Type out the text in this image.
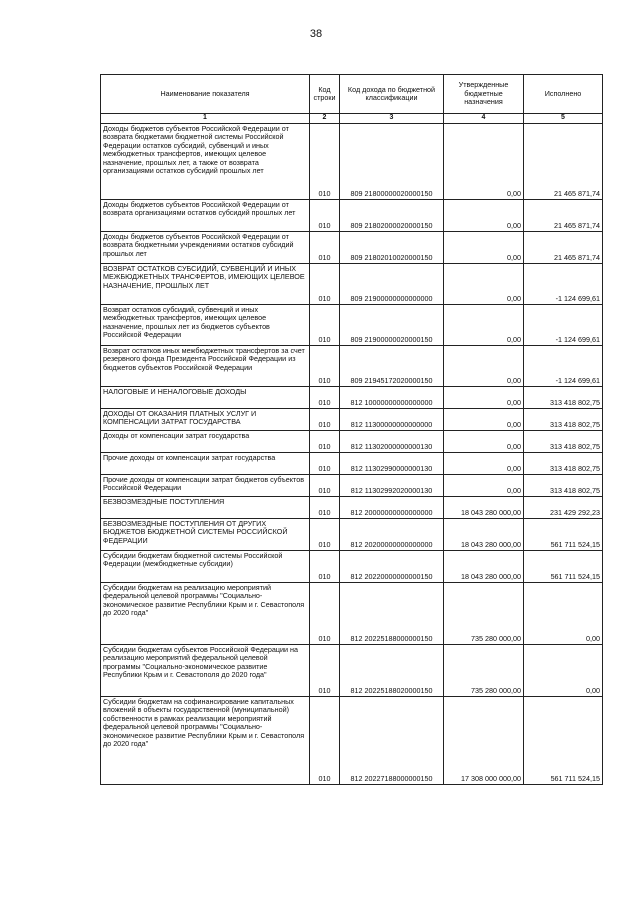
38
Наименование показателя	Код строки	Код дохода по бюджетной классификации	Утвержденные бюджетные назначения	Исполнено
1	2	3	4	5
Доходы бюджетов субъектов Российской Федерации от возврата бюджетами бюджетной системы Российской Федерации остатков субсидий, субвенций и иных межбюджетных трансфертов, имеющих целевое назначение, прошлых лет, а также от возврата организациями остатков субсидий прошлых лет	010	809 21800000020000150	0,00	21 465 871,74
Доходы бюджетов субъектов Российской Федерации от возврата организациями остатков субсидий прошлых лет	010	809 21802000020000150	0,00	21 465 871,74
Доходы бюджетов субъектов Российской Федерации от возврата бюджетными учреждениями остатков субсидий прошлых лет	010	809 21802010020000150	0,00	21 465 871,74
ВОЗВРАТ ОСТАТКОВ СУБСИДИЙ, СУБВЕНЦИЙ И ИНЫХ МЕЖБЮДЖЕТНЫХ ТРАНСФЕРТОВ, ИМЕЮЩИХ ЦЕЛЕВОЕ НАЗНАЧЕНИЕ, ПРОШЛЫХ ЛЕТ	010	809 21900000000000000	0,00	-1 124 699,61
Возврат остатков субсидий, субвенций и иных межбюджетных трансфертов, имеющих целевое назначение, прошлых лет из бюджетов субъектов Российской Федерации	010	809 21900000020000150	0,00	-1 124 699,61
Возврат остатков иных межбюджетных трансфертов за счет резервного фонда Президента Российской Федерации из бюджетов субъектов Российской Федерации	010	809 21945172020000150	0,00	-1 124 699,61
НАЛОГОВЫЕ И НЕНАЛОГОВЫЕ ДОХОДЫ	010	812 10000000000000000	0,00	313 418 802,75
ДОХОДЫ ОТ ОКАЗАНИЯ ПЛАТНЫХ УСЛУГ И КОМПЕНСАЦИИ ЗАТРАТ ГОСУДАРСТВА	010	812 11300000000000000	0,00	313 418 802,75
Доходы от компенсации затрат государства	010	812 11302000000000130	0,00	313 418 802,75
Прочие доходы от компенсации затрат государства	010	812 11302990000000130	0,00	313 418 802,75
Прочие доходы от компенсации затрат бюджетов субъектов Российской Федерации	010	812 11302992020000130	0,00	313 418 802,75
БЕЗВОЗМЕЗДНЫЕ ПОСТУПЛЕНИЯ	010	812 20000000000000000	18 043 280 000,00	231 429 292,23
БЕЗВОЗМЕЗДНЫЕ ПОСТУПЛЕНИЯ ОТ ДРУГИХ БЮДЖЕТОВ БЮДЖЕТНОЙ СИСТЕМЫ РОССИЙСКОЙ ФЕДЕРАЦИИ	010	812 20200000000000000	18 043 280 000,00	561 711 524,15
Субсидии бюджетам бюджетной системы Российской Федерации (межбюджетные субсидии)	010	812 20220000000000150	18 043 280 000,00	561 711 524,15
Субсидии бюджетам на реализацию мероприятий федеральной целевой программы "Социально-экономическое развитие Республики Крым и г. Севастополя до 2020 года"	010	812 20225188000000150	735 280 000,00	0,00
Субсидии бюджетам субъектов Российской Федерации на реализацию мероприятий федеральной целевой программы "Социально-экономическое развитие Республики Крым и г. Севастополя до 2020 года"	010	812 20225188020000150	735 280 000,00	0,00
Субсидии бюджетам на софинансирование капитальных вложений в объекты государственной (муниципальной) собственности в рамках реализации мероприятий федеральной целевой программы "Социально-экономическое развитие Республики Крым и г. Севастополя до 2020 года"	010	812 20227188000000150	17 308 000 000,00	561 711 524,15
